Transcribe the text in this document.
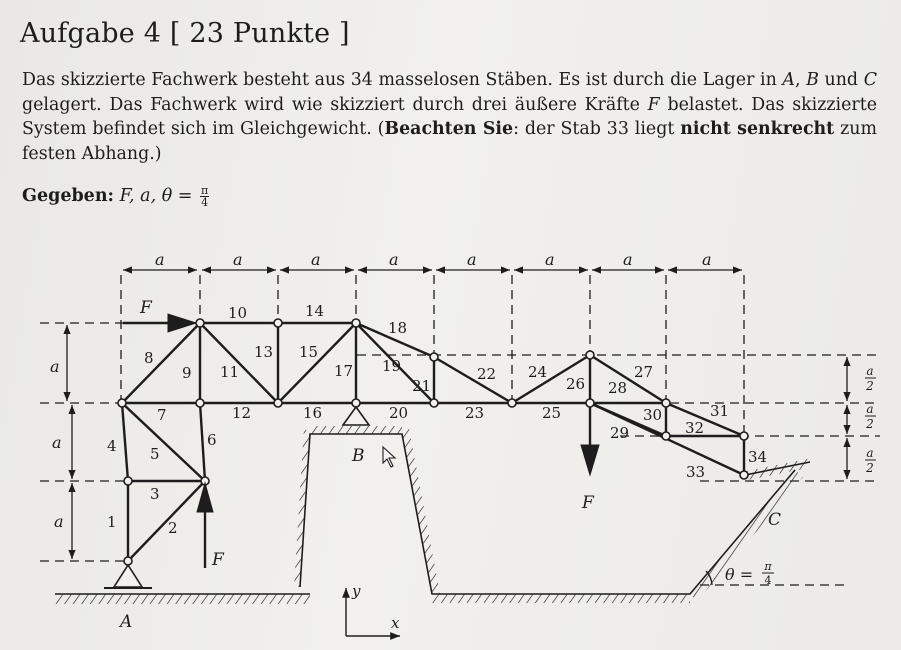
Aufgabe 4 [ 23 Punkte ]

Das skizzierte Fachwerk besteht aus 34 masselosen Stäben. Es ist durch die Lager in A, B und C gelagert. Das Fachwerk wird wie skizziert durch drei äußere Kräfte F belastet. Das skizzierte System befindet sich im Gleichgewicht. (Beachten Sie: der Stab 33 liegt nicht senkrecht zum festen Abhang.)

Gegeben: F, a, $\theta = \frac{\pi}{4}$
a	a	a	a	a	a	a	a
a
a
a
a
2
a
2
a
2
y
x
θ = π
4
A
B
C
F
F
F
1	2
3
4 5
6
7
8
9
10
11
12
13
14
15
16
17
18
19
20
21
22
23
24
25
26
27
28
29
30	31
32
33
34
